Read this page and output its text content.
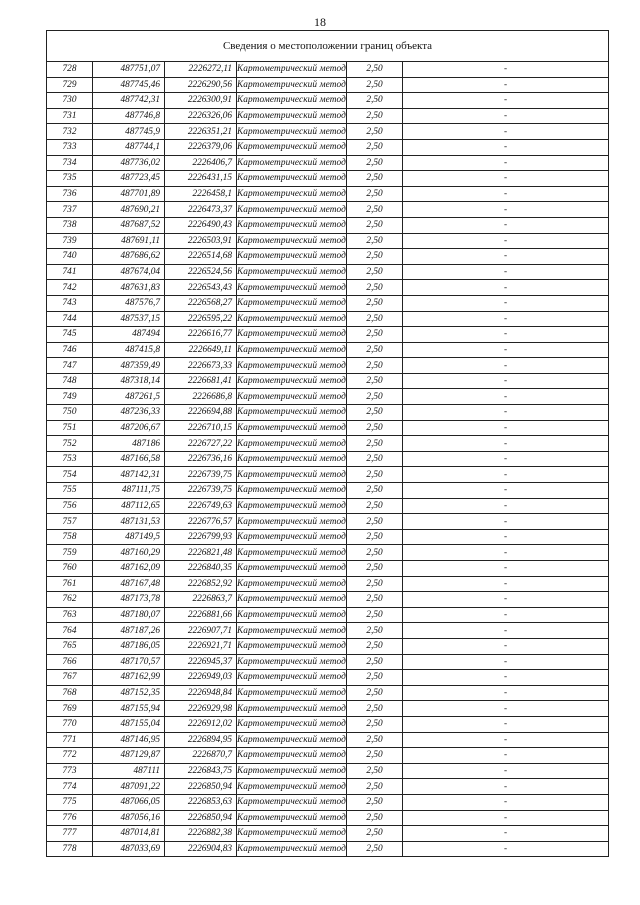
18
Сведения о местоположении границ объекта					
728	487751,07	2226272,11	Картометрический метод	2,50	-
729	487745,46	2226290,56	Картометрический метод	2,50	-
730	487742,31	2226300,91	Картометрический метод	2,50	-
731	487746,8	2226326,06	Картометрический метод	2,50	-
732	487745,9	2226351,21	Картометрический метод	2,50	-
733	487744,1	2226379,06	Картометрический метод	2,50	-
734	487736,02	2226406,7	Картометрический метод	2,50	-
735	487723,45	2226431,15	Картометрический метод	2,50	-
736	487701,89	2226458,1	Картометрический метод	2,50	-
737	487690,21	2226473,37	Картометрический метод	2,50	-
738	487687,52	2226490,43	Картометрический метод	2,50	-
739	487691,11	2226503,91	Картометрический метод	2,50	-
740	487686,62	2226514,68	Картометрический метод	2,50	-
741	487674,04	2226524,56	Картометрический метод	2,50	-
742	487631,83	2226543,43	Картометрический метод	2,50	-
743	487576,7	2226568,27	Картометрический метод	2,50	-
744	487537,15	2226595,22	Картометрический метод	2,50	-
745	487494	2226616,77	Картометрический метод	2,50	-
746	487415,8	2226649,11	Картометрический метод	2,50	-
747	487359,49	2226673,33	Картометрический метод	2,50	-
748	487318,14	2226681,41	Картометрический метод	2,50	-
749	487261,5	2226686,8	Картометрический метод	2,50	-
750	487236,33	2226694,88	Картометрический метод	2,50	-
751	487206,67	2226710,15	Картометрический метод	2,50	-
752	487186	2226727,22	Картометрический метод	2,50	-
753	487166,58	2226736,16	Картометрический метод	2,50	-
754	487142,31	2226739,75	Картометрический метод	2,50	-
755	487111,75	2226739,75	Картометрический метод	2,50	-
756	487112,65	2226749,63	Картометрический метод	2,50	-
757	487131,53	2226776,57	Картометрический метод	2,50	-
758	487149,5	2226799,93	Картометрический метод	2,50	-
759	487160,29	2226821,48	Картометрический метод	2,50	-
760	487162,09	2226840,35	Картометрический метод	2,50	-
761	487167,48	2226852,92	Картометрический метод	2,50	-
762	487173,78	2226863,7	Картометрический метод	2,50	-
763	487180,07	2226881,66	Картометрический метод	2,50	-
764	487187,26	2226907,71	Картометрический метод	2,50	-
765	487186,05	2226921,71	Картометрический метод	2,50	-
766	487170,57	2226945,37	Картометрический метод	2,50	-
767	487162,99	2226949,03	Картометрический метод	2,50	-
768	487152,35	2226948,84	Картометрический метод	2,50	-
769	487155,94	2226929,98	Картометрический метод	2,50	-
770	487155,04	2226912,02	Картометрический метод	2,50	-
771	487146,95	2226894,95	Картометрический метод	2,50	-
772	487129,87	2226870,7	Картометрический метод	2,50	-
773	487111	2226843,75	Картометрический метод	2,50	-
774	487091,22	2226850,94	Картометрический метод	2,50	-
775	487066,05	2226853,63	Картометрический метод	2,50	-
776	487056,16	2226850,94	Картометрический метод	2,50	-
777	487014,81	2226882,38	Картометрический метод	2,50	-
778	487033,69	2226904,83	Картометрический метод	2,50	-
